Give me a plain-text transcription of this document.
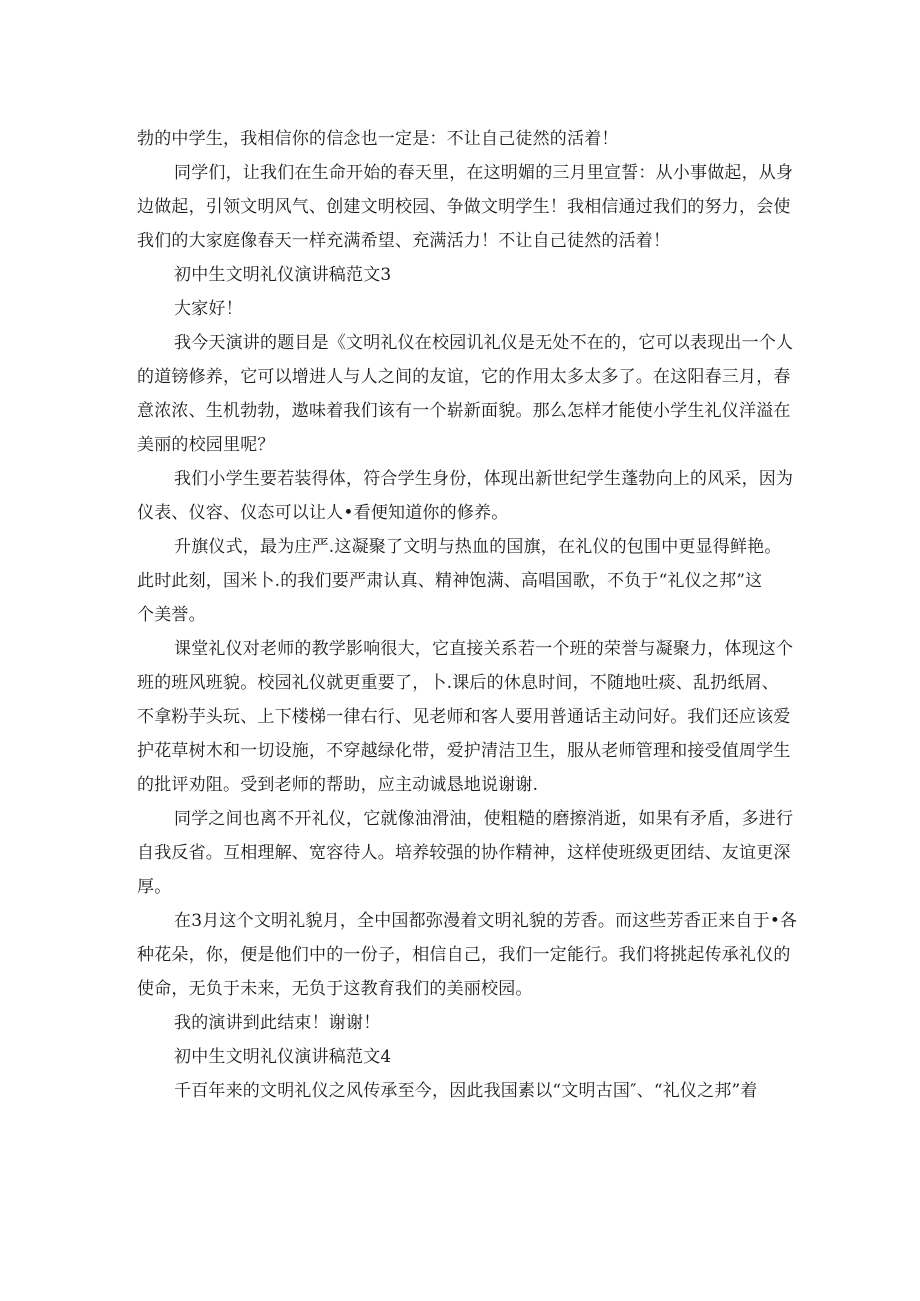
勃的中学生，我相信你的信念也一定是：不让自己徒然的活着！
同学们，让我们在生命开始的春天里，在这明媚的三月里宣誓：从小事做起，从身
边做起，引领文明风气、创建文明校园、争做文明学生！我相信通过我们的努力，会使
我们的大家庭像春天一样充满希望、充满活力！不让自己徒然的活着！
初中生文明礼仪演讲稿范文3
大家好！
我今天演讲的题目是《文明礼仪在校园讥礼仪是无处不在的，它可以表现出一个人
的道镑修养，它可以增进人与人之间的友谊，它的作用太多太多了。在这阳春三月，春
意浓浓、生机勃勃，遨味着我们该有一个崭新面貌。那么怎样才能使小学生礼仪洋溢在
美丽的校园里呢？
我们小学生要若装得体，符合学生身份，体现出新世纪学生蓬勃向上的风采，因为
仪表、仪容、仪态可以让人•看便知道你的修养。
升旗仪式，最为庄严.这凝聚了文明与热血的国旗，在礼仪的包围中更显得鲜艳。
此时此刻，国米卜.的我们要严肃认真、精神饱满、高唱国歌，不负于“礼仪之邦”这
个美誉。
课堂礼仪对老师的教学影响很大，它直接关系若一个班的荣誉与凝聚力，体现这个
班的班风班貌。校园礼仪就更重要了，卜.课后的休息时间，不随地吐痰、乱扔纸屑、
不拿粉芋头玩、上下楼梯一律右行、见老师和客人要用普通话主动问好。我们还应该爱
护花草树木和一切设施，不穿越绿化带，爱护清洁卫生，服从老师管理和接受值周学生
的批评劝阻。受到老师的帮助，应主动诚恳地说谢谢.
同学之间也离不开礼仪，它就像油滑油，使粗糙的磨擦消逝，如果有矛盾，多进行
自我反省。互相理解、宽容待人。培养较强的协作精神，这样使班级更团结、友谊更深
厚。
在3月这个文明礼貌月，全中国都弥漫着文明礼貌的芳香。而这些芳香正来自于•各
种花朵，你，便是他们中的一份子，相信自己，我们一定能行。我们将挑起传承礼仪的
使命，无负于未来，无负于这教育我们的美丽校园。
我的演讲到此结束！谢谢！
初中生文明礼仪演讲稿范文4
千百年来的文明礼仪之风传承至今，因此我国素以“文明古国″、“礼仪之邦”着
